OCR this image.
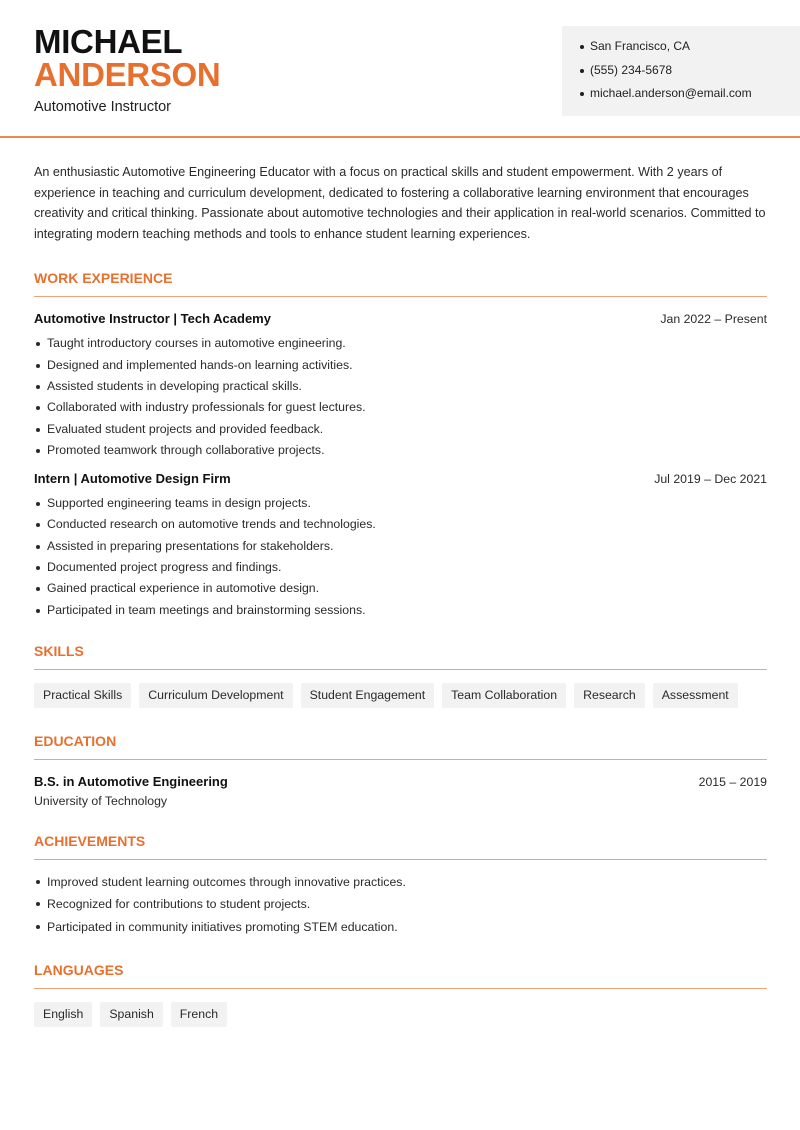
MICHAEL
ANDERSON
Automotive Instructor
San Francisco, CA
(555) 234-5678
michael.anderson@email.com

An enthusiastic Automotive Engineering Educator with a focus on practical skills and student empowerment. With 2 years of experience in teaching and curriculum development, dedicated to fostering a collaborative learning environment that encourages creativity and critical thinking. Passionate about automotive technologies and their application in real-world scenarios. Committed to integrating modern teaching methods and tools to enhance student learning experiences.

WORK EXPERIENCE
Automotive Instructor | Tech Academy	Jan 2022 – Present
Taught introductory courses in automotive engineering.
Designed and implemented hands-on learning activities.
Assisted students in developing practical skills.
Collaborated with industry professionals for guest lectures.
Evaluated student projects and provided feedback.
Promoted teamwork through collaborative projects.
Intern | Automotive Design Firm	Jul 2019 – Dec 2021
Supported engineering teams in design projects.
Conducted research on automotive trends and technologies.
Assisted in preparing presentations for stakeholders.
Documented project progress and findings.
Gained practical experience in automotive design.
Participated in team meetings and brainstorming sessions.
SKILLS
Practical Skills	Curriculum Development	Student Engagement	Team Collaboration	Research	Assessment
EDUCATION
B.S. in Automotive Engineering	2015 – 2019
University of Technology
ACHIEVEMENTS
Improved student learning outcomes through innovative practices.
Recognized for contributions to student projects.
Participated in community initiatives promoting STEM education.
LANGUAGES
English	Spanish	French
